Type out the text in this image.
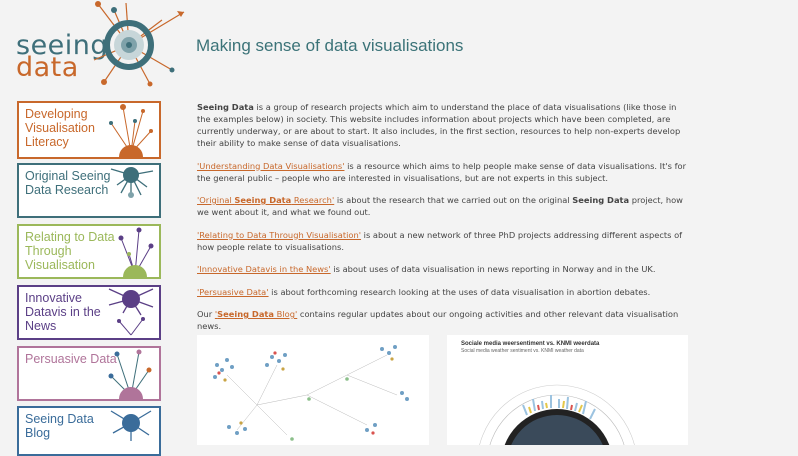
seeing
data
Making sense of data visualisations
Developing Visualisation Literacy
Original Seeing Data Research
Relating to Data Through Visualisation
Innovative Datavis in the News
Persuasive Data
Seeing Data Blog

Seeing Data is a group of research projects which aim to understand the place of data visualisations (like those in the examples below) in society. This website includes information about projects which have been completed, are currently underway, or are about to start. It also includes, in the first section, resources to help non-experts develop their ability to make sense of data visualisations.

'Understanding Data Visualisations' is a resource which aims to help people make sense of data visualisations. It's for the general public – people who are interested in visualisations, but are not experts in this subject.

'Original Seeing Data Research' is about the research that we carried out on the original Seeing Data project, how we went about it, and what we found out.

'Relating to Data Through Visualisation' is about a new network of three PhD projects addressing different aspects of how people relate to visualisations.

'Innovative Datavis in the News' is about uses of data visualisation in news reporting in Norway and in the UK.

'Persuasive Data' is about forthcoming research looking at the uses of data visualisation in abortion debates.

Our 'Seeing Data Blog' contains regular updates about our ongoing activities and other relevant data visualisation news.

Sociale media weersentiment vs. KNMI weerdata
Social media weather sentiment vs. KNMI weather data
